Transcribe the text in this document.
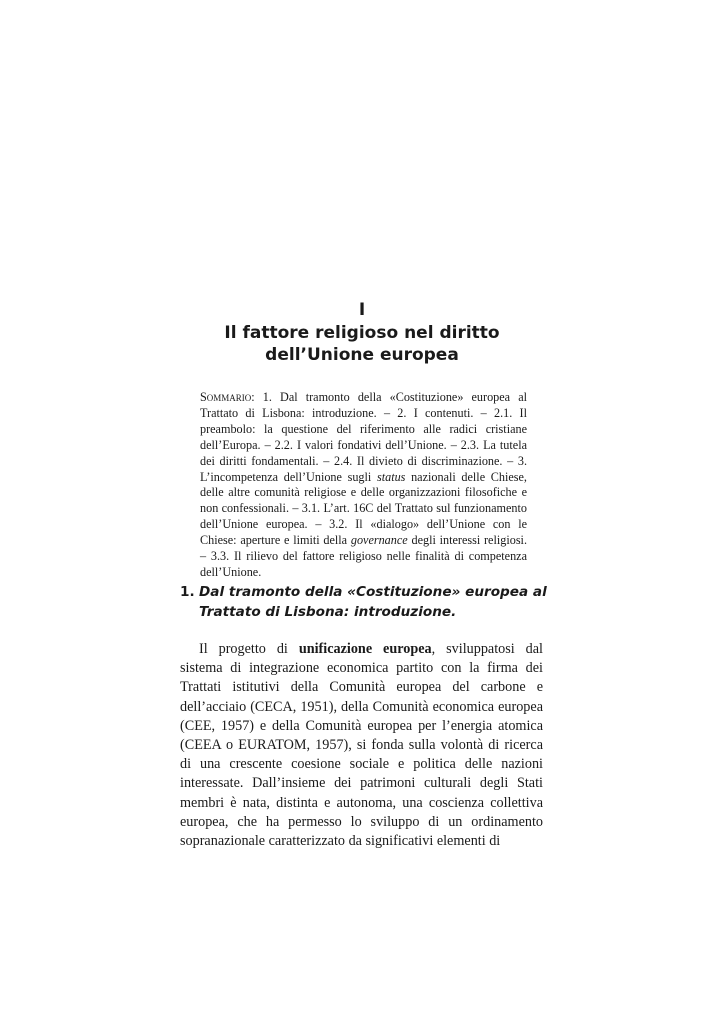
I
Il fattore religioso nel diritto
dell’Unione europea

Sommario: 1. Dal tramonto della «Costituzione» europea al Trattato di Lisbona: introduzione. – 2. I contenuti. – 2.1. Il preambolo: la questione del riferimento alle radici cristiane dell’Europa. – 2.2. I valori fondativi dell’Unione. – 2.3. La tutela dei diritti fondamentali. – 2.4. Il divieto di discriminazione. – 3. L’incompetenza dell’Unione sugli status nazionali delle Chiese, delle altre comunità religiose e delle organizzazioni filosofiche e non confessionali. – 3.1. L’art. 16C del Trattato sul funzionamento dell’Unione europea. – 3.2. Il «dialogo» dell’Unione con le Chiese: aperture e limiti della governance degli interessi religiosi. – 3.3. Il rilievo del fattore religioso nelle finalità di competenza dell’Unione.

1. Dal tramonto della «Costituzione» europea al Trattato di Lisbona: introduzione.

Il progetto di unificazione europea, sviluppatosi dal sistema di integrazione economica partito con la firma dei Trattati istitutivi della Comunità europea del carbone e dell’acciaio (CECA, 1951), della Comunità economica europea (CEE, 1957) e della Comunità europea per l’energia atomica (CEEA o EURATOM, 1957), si fonda sulla volontà di ricerca di una crescente coesione sociale e politica delle nazioni interessate. Dall’insieme dei patrimoni culturali degli Stati membri è nata, distinta e autonoma, una coscienza collettiva europea, che ha permesso lo sviluppo di un ordinamento sopranazionale caratterizzato da significativi elementi di
